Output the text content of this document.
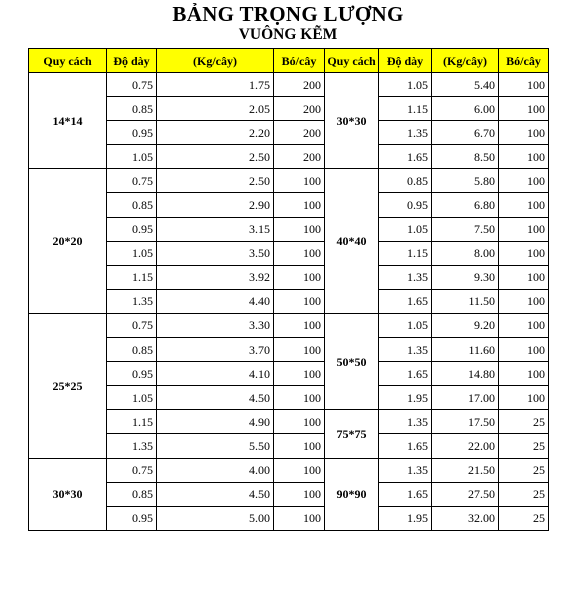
BẢNG TRỌNG LƯỢNG
VUÔNG KẼM
Quy cách	Độ dày	(Kg/cây)	Bó/cây	Quy cách	Độ dày	(Kg/cây)	Bó/cây
14*14	0.75	1.75	200	30*30	1.05	5.40	100
	0.85	2.05	200		1.15	6.00	100
	0.95	2.20	200		1.35	6.70	100
	1.05	2.50	200		1.65	8.50	100
20*20	0.75	2.50	100	40*40	0.85	5.80	100
	0.85	2.90	100		0.95	6.80	100
	0.95	3.15	100		1.05	7.50	100
	1.05	3.50	100		1.15	8.00	100
	1.15	3.92	100		1.35	9.30	100
	1.35	4.40	100		1.65	11.50	100
25*25	0.75	3.30	100	50*50	1.05	9.20	100
	0.85	3.70	100		1.35	11.60	100
	0.95	4.10	100		1.65	14.80	100
	1.05	4.50	100		1.95	17.00	100
	1.15	4.90	100	75*75	1.35	17.50	25
	1.35	5.50	100		1.65	22.00	25
30*30	0.75	4.00	100	90*90	1.35	21.50	25
	0.85	4.50	100		1.65	27.50	25
	0.95	5.00	100		1.95	32.00	25
